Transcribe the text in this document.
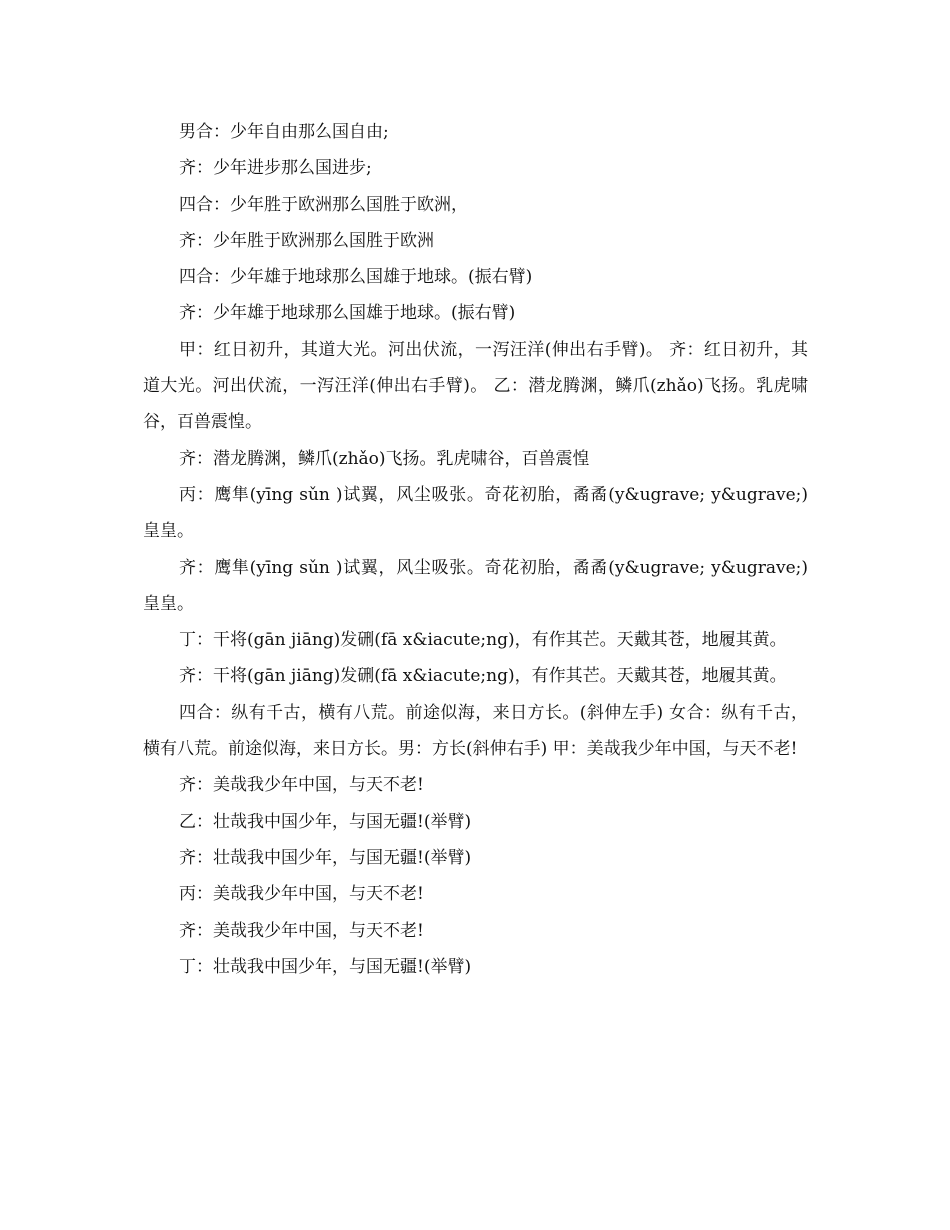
男合：少年自由那么国自由;

齐：少年进步那么国进步;

四合：少年胜于欧洲那么国胜于欧洲，

齐：少年胜于欧洲那么国胜于欧洲

四合：少年雄于地球那么国雄于地球。(振右臂)

齐：少年雄于地球那么国雄于地球。(振右臂)

甲：红日初升，其道大光。河出伏流，一泻汪洋(伸出右手臂)。 齐：红日初升，其道大光。河出伏流，一泻汪洋(伸出右手臂)。 乙：潜龙腾渊，鳞爪(zhǎo)飞扬。乳虎啸谷，百兽震惶。

齐：潜龙腾渊，鳞爪(zhǎo)飞扬。乳虎啸谷，百兽震惶

丙：鹰隼(yīng sǔn )试翼，风尘吸张。奇花初胎，矞矞(y&ugrave; y&ugrave;)皇皇。

齐：鹰隼(yīng sǔn )试翼，风尘吸张。奇花初胎，矞矞(y&ugrave; y&ugrave;)皇皇。

丁：干将(gān jiāng)发硎(fā x&iacute;ng)，有作其芒。天戴其苍，地履其黄。

齐：干将(gān jiāng)发硎(fā x&iacute;ng)，有作其芒。天戴其苍，地履其黄。

四合：纵有千古，横有八荒。前途似海，来日方长。(斜伸左手) 女合：纵有千古，横有八荒。前途似海，来日方长。男：方长(斜伸右手) 甲：美哉我少年中国，与天不老!

齐：美哉我少年中国，与天不老!

乙：壮哉我中国少年，与国无疆!(举臂)

齐：壮哉我中国少年，与国无疆!(举臂)

丙：美哉我少年中国，与天不老!

齐：美哉我少年中国，与天不老!

丁：壮哉我中国少年，与国无疆!(举臂)
